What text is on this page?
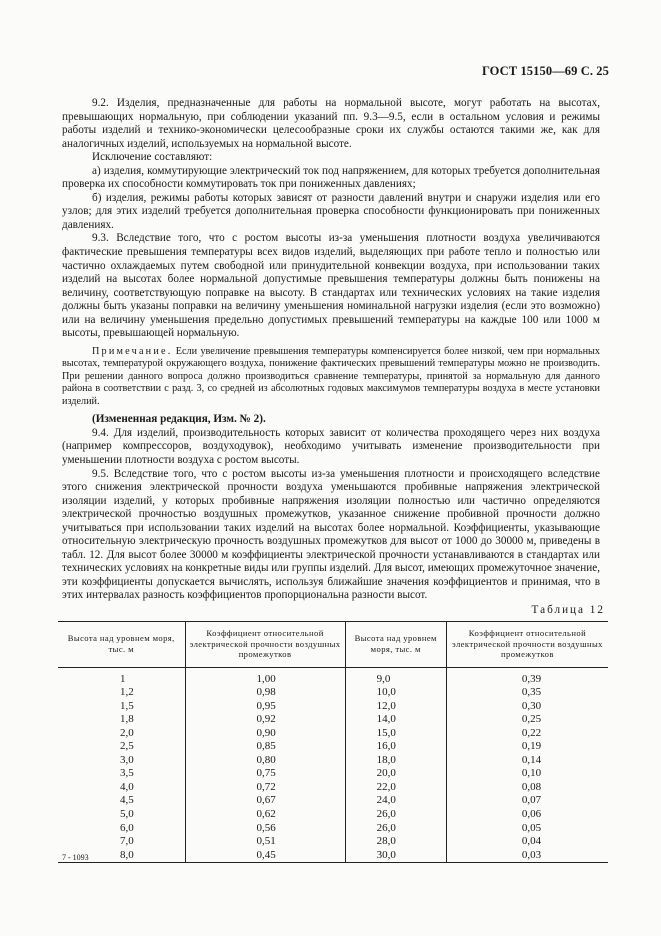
ГОСТ 15150—69 С. 25

9.2. Изделия, предназначенные для работы на нормальной высоте, могут работать на высотах, превышающих нормальную, при соблюдении указаний пп. 9.3—9.5, если в остальном условия и режимы работы изделий и технико-экономически целесообразные сроки их службы остаются такими же, как для аналогичных изделий, используемых на нормальной высоте.

Исключение составляют:

а) изделия, коммутирующие электрический ток под напряжением, для которых требуется дополнительная проверка их способности коммутировать ток при пониженных давлениях;

б) изделия, режимы работы которых зависят от разности давлений внутри и снаружи изделия или его узлов; для этих изделий требуется дополнительная проверка способности функционировать при пониженных давлениях.

9.3. Вследствие того, что с ростом высоты из-за уменьшения плотности воздуха увеличиваются фактические превышения температуры всех видов изделий, выделяющих при работе тепло и полностью или частично охлаждаемых путем свободной или принудительной конвекции воздуха, при использовании таких изделий на высотах более нормальной допустимые превышения температуры должны быть понижены на величину, соответствующую поправке на высоту. В стандартах или технических условиях на такие изделия должны быть указаны поправки на величину уменьшения номинальной нагрузки изделия (если это возможно) или на величину уменьшения предельно допустимых превышений температуры на каждые 100 или 1000 м высоты, превышающей нормальную.

Примечание. Если увеличение превышения температуры компенсируется более низкой, чем при нормальных высотах, температурой окружающего воздуха, понижение фактических превышений температуры можно не производить. При решении данного вопроса должно производиться сравнение температуры, принятой за нормальную для данного района в соответствии с разд. 3, со средней из абсолютных годовых максимумов температуры воздуха в месте установки изделий.

(Измененная редакция, Изм. № 2).

9.4. Для изделий, производительность которых зависит от количества проходящего через них воздуха (например компрессоров, воздуходувок), необходимо учитывать изменение производительности при уменьшении плотности воздуха с ростом высоты.

9.5. Вследствие того, что с ростом высоты из-за уменьшения плотности и происходящего вследствие этого снижения электрической прочности воздуха уменьшаются пробивные напряжения электрической изоляции изделий, у которых пробивные напряжения изоляции полностью или частично определяются электрической прочностью воздушных промежутков, указанное снижение пробивной прочности должно учитываться при использовании таких изделий на высотах более нормальной. Коэффициенты, указывающие относительную электрическую прочность воздушных промежутков для высот от 1000 до 30000 м, приведены в табл. 12. Для высот более 30000 м коэффициенты электрической прочности устанавливаются в стандартах или технических условиях на конкретные виды или группы изделий. Для высот, имеющих промежуточное значение, эти коэффициенты допускается вычислять, используя ближайшие значения коэффициентов и принимая, что в этих интервалах разность коэффициентов пропорциональна разности высот.

Таблица 12
Высота над уровнем моря, тыс. м	Коэффициент относительной электрической прочности воздушных промежутков	Высота над уровнем моря, тыс. м	Коэффициент относительной электрической прочности воздушных промежутков
1	1,00	9,0	0,39
1,2	0,98	10,0	0,35
1,5	0,95	12,0	0,30
1,8	0,92	14,0	0,25
2,0	0,90	15,0	0,22
2,5	0,85	16,0	0,19
3,0	0,80	18,0	0,14
3,5	0,75	20,0	0,10
4,0	0,72	22,0	0,08
4,5	0,67	24,0	0,07
5,0	0,62	26,0	0,06
6,0	0,56	26,0	0,05
7,0	0,51	28,0	0,04
8,0	0,45	30,0	0,03
7 - 1093
